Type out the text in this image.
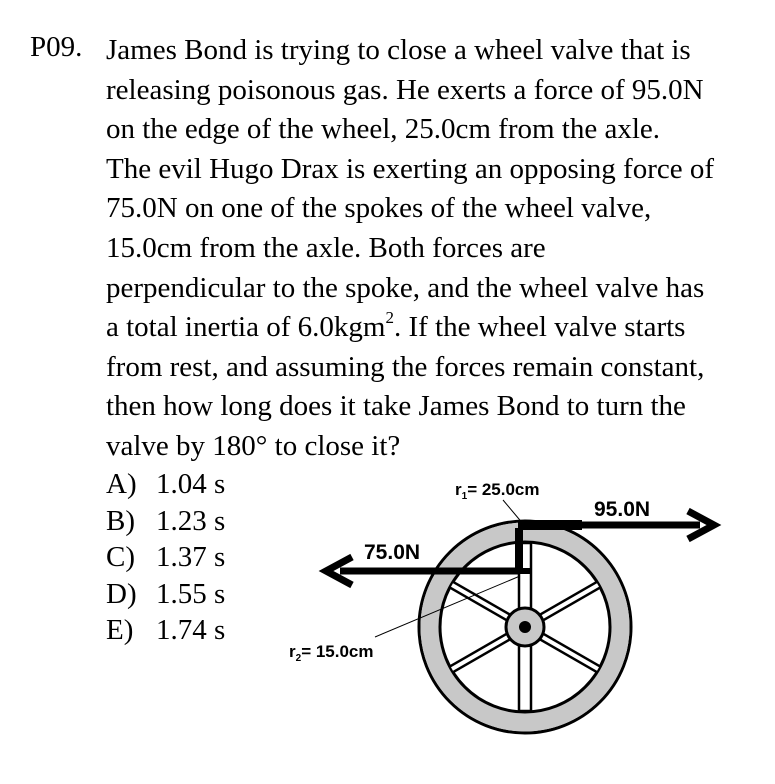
P09. James Bond is trying to close a wheel valve that is
releasing poisonous gas. He exerts a force of 95.0N
on the edge of the wheel, 25.0cm from the axle.
The evil Hugo Drax is exerting an opposing force of
75.0N on one of the spokes of the wheel valve,
15.0cm from the axle. Both forces are
perpendicular to the spoke, and the wheel valve has
a total inertia of 6.0kgm$^2$. If the wheel valve starts
from rest, and assuming the forces remain constant,
then how long does it take James Bond to turn the
valve by 180° to close it?
A) 1.04 s
B) 1.23 s
C) 1.37 s
D) 1.55 s
E) 1.74 s
$r_1= 25.0cm$
$r_2= 15.0cm$
95.0N
75.0N
